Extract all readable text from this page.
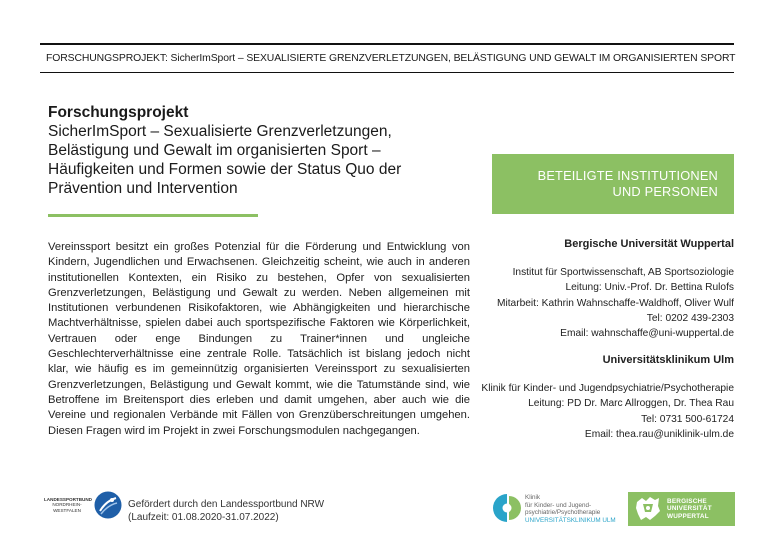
FORSCHUNGSPROJEKT: SicherImSport – SEXUALISIERTE GRENZVERLETZUNGEN, BELÄSTIGUNG UND GEWALT IM ORGANISIERTEN SPORT
Forschungsprojekt
SicherImSport – Sexualisierte Grenzverletzungen,
Belästigung und Gewalt im organisierten Sport –
Häufigkeiten und Formen sowie der Status Quo der
Prävention und Intervention
Vereinssport besitzt ein großes Potenzial für die Förderung und Entwicklung von Kindern, Jugendlichen und Erwachsenen. Gleichzeitig scheint, wie auch in anderen institutionellen Kontexten, ein Risiko zu bestehen, Opfer von sexualisierten Grenzverletzungen, Belästigung und Gewalt zu werden. Neben allgemeinen mit Institutionen verbundenen Risikofaktoren, wie Abhängigkeiten und hierarchische Machtverhältnisse, spielen dabei auch sportspezifische Faktoren wie Körperlichkeit, Vertrauen oder enge Bindungen zu Trainer*innen und ungleiche Geschlechterverhältnisse eine zentrale Rolle. Tatsächlich ist bislang jedoch nicht klar, wie häufig es im gemeinnützig organisierten Vereinssport zu sexualisierten Grenzverletzungen, Belästigung und Gewalt kommt, wie die Tatumstände sind, wie Betroffene im Breitensport dies erleben und damit umgehen, aber auch wie die Vereine und regionalen Verbände mit Fällen von Grenzüberschreitungen umgehen. Diesen Fragen wird im Projekt in zwei Forschungsmodulen nachgegangen.
BETEILIGTE INSTITUTIONEN
UND PERSONEN
Bergische Universität Wuppertal
Institut für Sportwissenschaft, AB Sportsoziologie
Leitung: Univ.-Prof. Dr. Bettina Rulofs
Mitarbeit: Kathrin Wahnschaffe-Waldhoff, Oliver Wulf
Tel: 0202 439-2303
Email: wahnschaffe@uni-wuppertal.de
Universitätsklinikum Ulm
Klinik für Kinder- und Jugendpsychiatrie/Psychotherapie
Leitung: PD Dr. Marc Allroggen, Dr. Thea Rau
Tel: 0731 500-61724
Email: thea.rau@uniklinik-ulm.de
LANDESSPORTBUND
NORDRHEIN-WESTFALEN
Gefördert durch den Landessportbund NRW
(Laufzeit: 01.08.2020-31.07.2022)
Klinik
für Kinder- und Jugend-
psychiatrie/Psychotherapie
UNIVERSITÄTSKLINIKUM ULM
BERGISCHE
UNIVERSITÄT
WUPPERTAL
